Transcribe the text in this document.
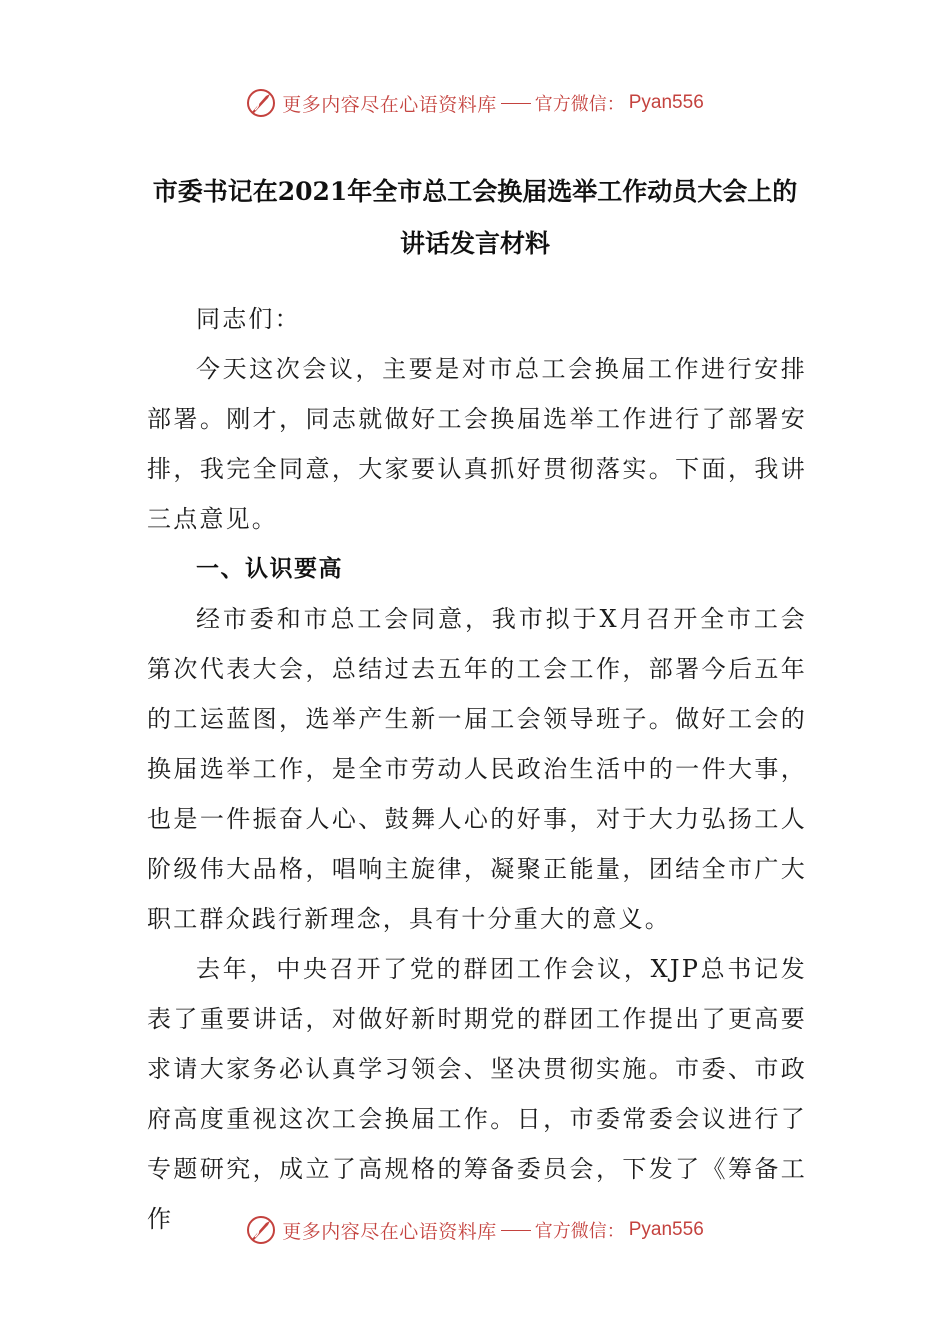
更多内容尽在心语资料库 官方微信： Pyan556
市委书记在2021年全市总工会换届选举工作动员大会上的
讲话发言材料

同志们：

今天这次会议，主要是对市总工会换届工作进行安排部署。刚才，同志就做好工会换届选举工作进行了部署安排，我完全同意，大家要认真抓好贯彻落实。下面，我讲三点意见。

一、认识要高

经市委和市总工会同意，我市拟于X月召开全市工会第次代表大会，总结过去五年的工会工作，部署今后五年的工运蓝图，选举产生新一届工会领导班子。做好工会的换届选举工作，是全市劳动人民政治生活中的一件大事，也是一件振奋人心、鼓舞人心的好事，对于大力弘扬工人阶级伟大品格，唱响主旋律，凝聚正能量，团结全市广大职工群众践行新理念，具有十分重大的意义。

去年，中央召开了党的群团工作会议，XJP总书记发表了重要讲话，对做好新时期党的群团工作提出了更高要求请大家务必认真学习领会、坚决贯彻实施。市委、市政府高度重视这次工会换届工作。日，市委常委会议进行了专题研究，成立了高规格的筹备委员会，下发了《筹备工作	更多内容尽在心语资料库 官方微信： Pyan556
